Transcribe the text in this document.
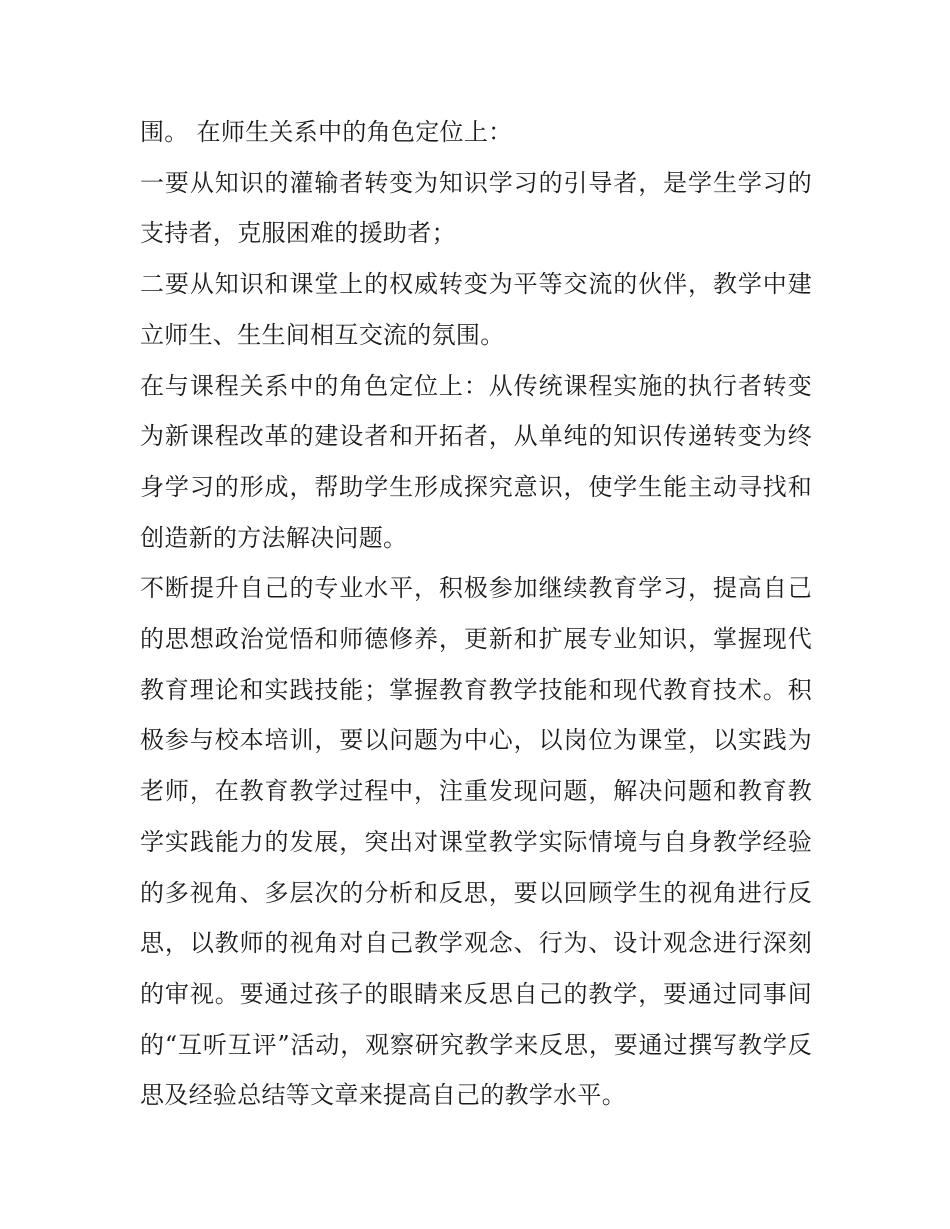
围。 在师生关系中的角色定位上：

一要从知识的灌输者转变为知识学习的引导者，是学生学习的支持者，克服困难的援助者；

二要从知识和课堂上的权威转变为平等交流的伙伴，教学中建立师生、生生间相互交流的氛围。

在与课程关系中的角色定位上：从传统课程实施的执行者转变为新课程改革的建设者和开拓者，从单纯的知识传递转变为终身学习的形成，帮助学生形成探究意识，使学生能主动寻找和创造新的方法解决问题。

不断提升自己的专业水平，积极参加继续教育学习，提高自己的思想政治觉悟和师德修养，更新和扩展专业知识，掌握现代教育理论和实践技能；掌握教育教学技能和现代教育技术。积极参与校本培训，要以问题为中心，以岗位为课堂，以实践为老师，在教育教学过程中，注重发现问题，解决问题和教育教学实践能力的发展，突出对课堂教学实际情境与自身教学经验的多视角、多层次的分析和反思，要以回顾学生的视角进行反思，以教师的视角对自己教学观念、行为、设计观念进行深刻的审视。要通过孩子的眼睛来反思自己的教学，要通过同事间的“互听互评”活动，观察研究教学来反思，要通过撰写教学反思及经验总结等文章来提高自己的教学水平。
